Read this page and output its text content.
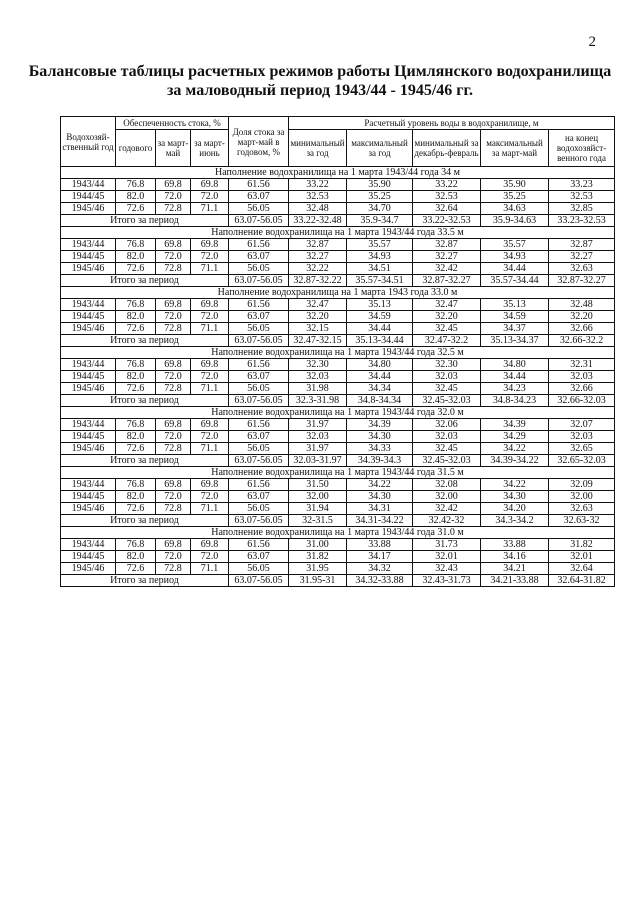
2
Балансовые таблицы расчетных режимов работы Цимлянского водохранилища
за маловодный период 1943/44 - 1945/46 гг.
Водохозяй-ственный год	Обеспеченность стока, %			Доля стока за март-май в годовом, %	Расчетный уровень воды в водохранилище, м				
	годового	за март-май	за март-июнь		минимальный за год	максимальный за год	минимальный за декабрь-февраль	максимальный за март-май	на конец водохозяйст-венного года
Наполнение водохранилища на 1 марта 1943/44 года 34 м									
1943/44	76.8	69.8	69.8	61.56	33.22	35.90	33.22	35.90	33.23
1944/45	82.0	72.0	72.0	63.07	32.53	35.25	32.53	35.25	32.53
1945/46	72.6	72.8	71.1	56.05	32.48	34.70	32.64	34.63	32.85
Итого за период				63.07-56.05	33.22-32.48	35.9-34.7	33.22-32.53	35.9-34.63	33.23-32.53
Наполнение водохранилища на 1 марта 1943/44 года 33.5 м									
1943/44	76.8	69.8	69.8	61.56	32.87	35.57	32.87	35.57	32.87
1944/45	82.0	72.0	72.0	63.07	32.27	34.93	32.27	34.93	32.27
1945/46	72.6	72.8	71.1	56.05	32.22	34.51	32.42	34.44	32.63
Итого за период				63.07-56.05	32.87-32.22	35.57-34.51	32.87-32.27	35.57-34.44	32.87-32.27
Наполнение водохранилища на 1 марта 1943 года 33.0 м									
1943/44	76.8	69.8	69.8	61.56	32.47	35.13	32.47	35.13	32.48
1944/45	82.0	72.0	72.0	63.07	32.20	34.59	32.20	34.59	32.20
1945/46	72.6	72.8	71.1	56.05	32.15	34.44	32.45	34.37	32.66
Итого за период				63.07-56.05	32.47-32.15	35.13-34.44	32.47-32.2	35.13-34.37	32.66-32.2
Наполнение водохранилища на 1 марта 1943/44 года 32.5 м									
1943/44	76.8	69.8	69.8	61.56	32.30	34.80	32.30	34.80	32.31
1944/45	82.0	72.0	72.0	63.07	32.03	34.44	32.03	34.44	32.03
1945/46	72.6	72.8	71.1	56.05	31.98	34.34	32.45	34.23	32.66
Итого за период				63.07-56.05	32.3-31.98	34.8-34.34	32.45-32.03	34.8-34.23	32.66-32.03
Наполнение водохранилища на 1 марта 1943/44 года 32.0 м									
1943/44	76.8	69.8	69.8	61.56	31.97	34.39	32.06	34.39	32.07
1944/45	82.0	72.0	72.0	63.07	32.03	34.30	32.03	34.29	32.03
1945/46	72.6	72.8	71.1	56.05	31.97	34.33	32.45	34.22	32.65
Итого за период				63.07-56.05	32.03-31.97	34.39-34.3	32.45-32.03	34.39-34.22	32.65-32.03
Наполнение водохранилища на 1 марта 1943/44 года 31.5 м									
1943/44	76.8	69.8	69.8	61.56	31.50	34.22	32.08	34.22	32.09
1944/45	82.0	72.0	72.0	63.07	32.00	34.30	32.00	34.30	32.00
1945/46	72.6	72.8	71.1	56.05	31.94	34.31	32.42	34.20	32.63
Итого за период				63.07-56.05	32-31.5	34.31-34.22	32.42-32	34.3-34.2	32.63-32
Наполнение водохранилища на 1 марта 1943/44 года 31.0 м									
1943/44	76.8	69.8	69.8	61.56	31.00	33.88	31.73	33.88	31.82
1944/45	82.0	72.0	72.0	63.07	31.82	34.17	32.01	34.16	32.01
1945/46	72.6	72.8	71.1	56.05	31.95	34.32	32.43	34.21	32.64
Итого за период				63.07-56.05	31.95-31	34.32-33.88	32.43-31.73	34.21-33.88	32.64-31.82
